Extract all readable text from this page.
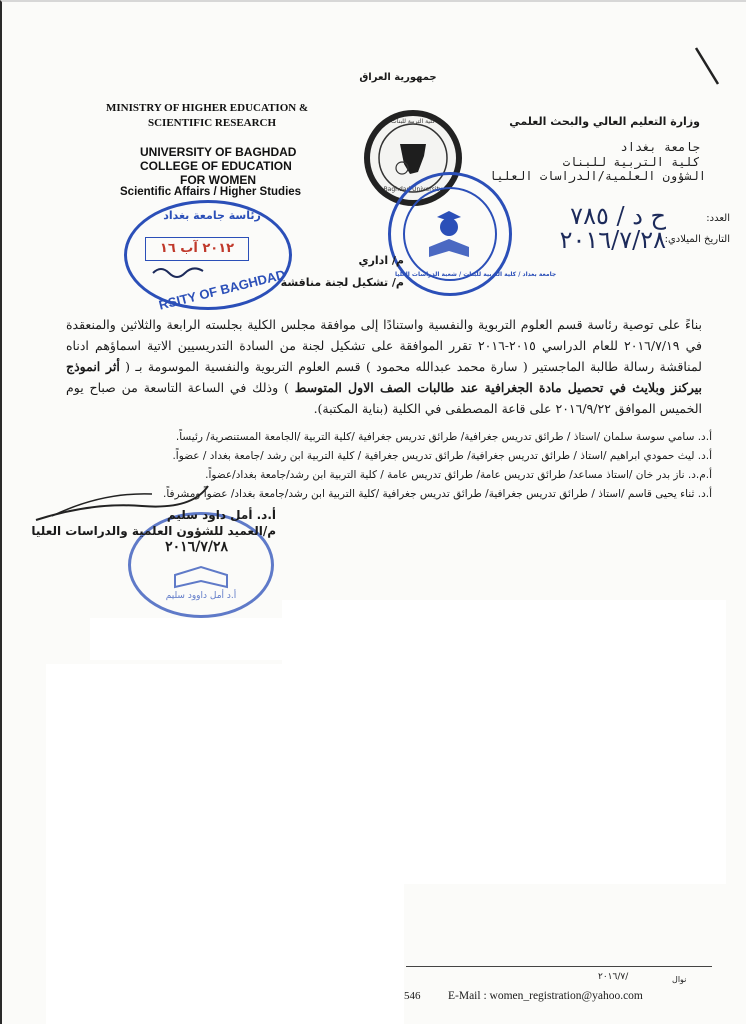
جمهورية العراق
MINISTRY OF HIGHER EDUCATION &
SCIENTIFIC RESEARCH
UNIVERSITY OF BAGHDAD
COLLEGE OF EDUCATION
FOR WOMEN
Scientific Affairs / Higher Studies
وزارة التعليم العالي والبحث العلمي
جامعة بغداد
كلية التربية للبنات
الشؤون العلمية/الدراسات العليا
كلية التربية للبنات
Baghdad University
جامعة بغداد / كلية التربية للبنات / شعبة الدراسات العليا
رئاسة جامعة بغداد
٢٠١٢ آب ١٦
RSITY OF BAGHDAD
العدد:
ح د / ٧٨٥
التاريخ الميلادي:
٢٠١٦/٧/٢٨
م/ اداري
م/ تشكيل لجنة مناقشة
بناءً على توصية رئاسة قسم العلوم التربوية والنفسية واستنادًا إلى موافقة مجلس الكلية بجلسته الرابعة والثلاثين والمنعقدة في ٢٠١٦/٧/١٩ للعام الدراسي ٢٠١٥-٢٠١٦ تقرر الموافقة على تشكيل لجنة من السادة التدريسيين الاتية اسماؤهم ادناه لمناقشة رسالة طالبة الماجستير ( سارة محمد عبدالله محمود ) قسم العلوم التربوية والنفسية الموسومة بـ ( أثر انموذج بيركنز وبلايث في تحصيل مادة الجغرافية عند طالبات الصف الاول المتوسط ) وذلك في الساعة التاسعة من صباح يوم الخميس الموافق ٢٠١٦/٩/٢٢ على قاعة المصطفى في الكلية (بناية المكتبة).
أ.د. سامي سوسة سلمان /استاذ / طرائق تدريس جغرافية/ طرائق تدريس جغرافية /كلية التربية /الجامعة المستنصرية/ رئيساً.
أ.د. ليث حمودي ابراهيم /استاذ / طرائق تدريس جغرافية/ طرائق تدريس جغرافية / كلية التربية ابن رشد /جامعة بغداد / عضواً.
أ.م.د. ناز بدر خان /استاذ مساعد/ طرائق تدريس عامة/ طرائق تدريس عامة / كلية التربية ابن رشد/جامعة بغداد/عضواً.
أ.د. ثناء يحيى قاسم /استاذ / طرائق تدريس جغرافية/ طرائق تدريس جغرافية /كلية التربية ابن رشد/جامعة بغداد/ عضواً ومشرفاً.
أ.د أمل داوود سليم
أ.د. أمل داود سليم
م/العميد للشؤون العلمية والدراسات العليا
٢٠١٦/٧/٢٨
٢٠١٦/٧/	نوال
546 E-Mail : women_registration@yahoo.com
